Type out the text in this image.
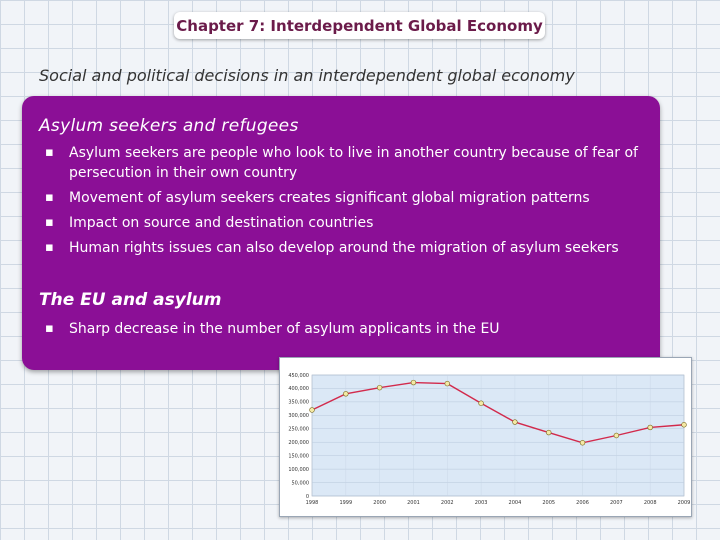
Chapter 7: Interdependent Global Economy
Social and political decisions in an interdependent global economy
Asylum seekers and refugees
▪ Asylum seekers are people who look to live in another country because of fear of persecution in their own country
▪ Movement of asylum seekers creates significant global migration patterns
▪ Impact on source and destination countries
▪ Human rights issues can also develop around the migration of asylum seekers
The EU and asylum
▪ Sharp decrease in the number of asylum applicants in the EU
0
50,000
100,000
150,000
200,000
250,000
300,000
350,000
400,000
450,000
1998	1999	2000	2001	2002	2003	2004	2005	2006	2007	2008	2009
